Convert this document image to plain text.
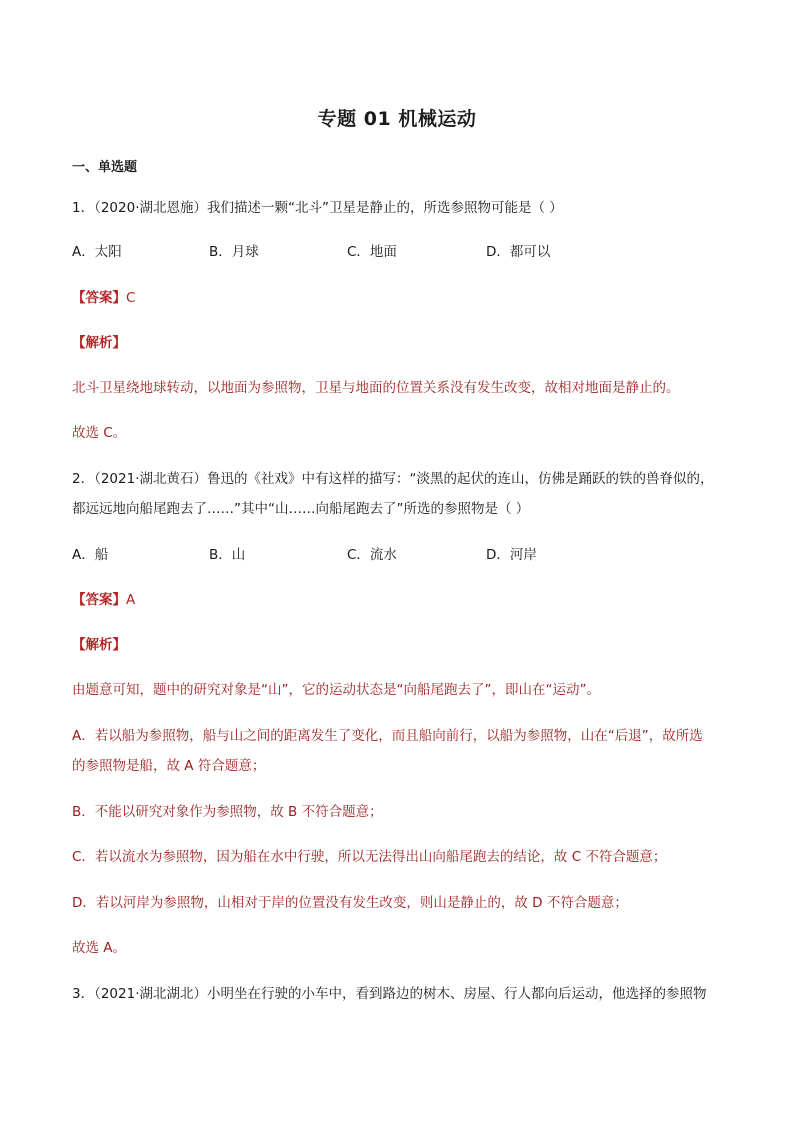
专题 01 机械运动
一、单选题
1．（2020·湖北恩施）我们描述一颗“北斗”卫星是静止的，所选参照物可能是（ ）
A．太阳	B．月球	C．地面	D．都可以
【答案】C
【解析】
北斗卫星绕地球转动，以地面为参照物，卫星与地面的位置关系没有发生改变，故相对地面是静止的。
故选 C。
2．（2021·湖北黄石）鲁迅的《社戏》中有这样的描写：“淡黑的起伏的连山，仿佛是踊跃的铁的兽脊似的，
都远远地向船尾跑去了……”其中“山……向船尾跑去了”所选的参照物是（ ）
A．船	B．山	C．流水	D．河岸
【答案】A
【解析】
由题意可知，题中的研究对象是“山”，它的运动状态是“向船尾跑去了”，即山在“运动”。
A．若以船为参照物，船与山之间的距离发生了变化，而且船向前行，以船为参照物，山在“后退”，故所选
的参照物是船，故 A 符合题意；
B．不能以研究对象作为参照物，故 B 不符合题意；
C．若以流水为参照物，因为船在水中行驶，所以无法得出山向船尾跑去的结论，故 C 不符合题意；
D．若以河岸为参照物，山相对于岸的位置没有发生改变，则山是静止的，故 D 不符合题意；
故选 A。
3．（2021·湖北湖北）小明坐在行驶的小车中，看到路边的树木、房屋、行人都向后运动，他选择的参照物
